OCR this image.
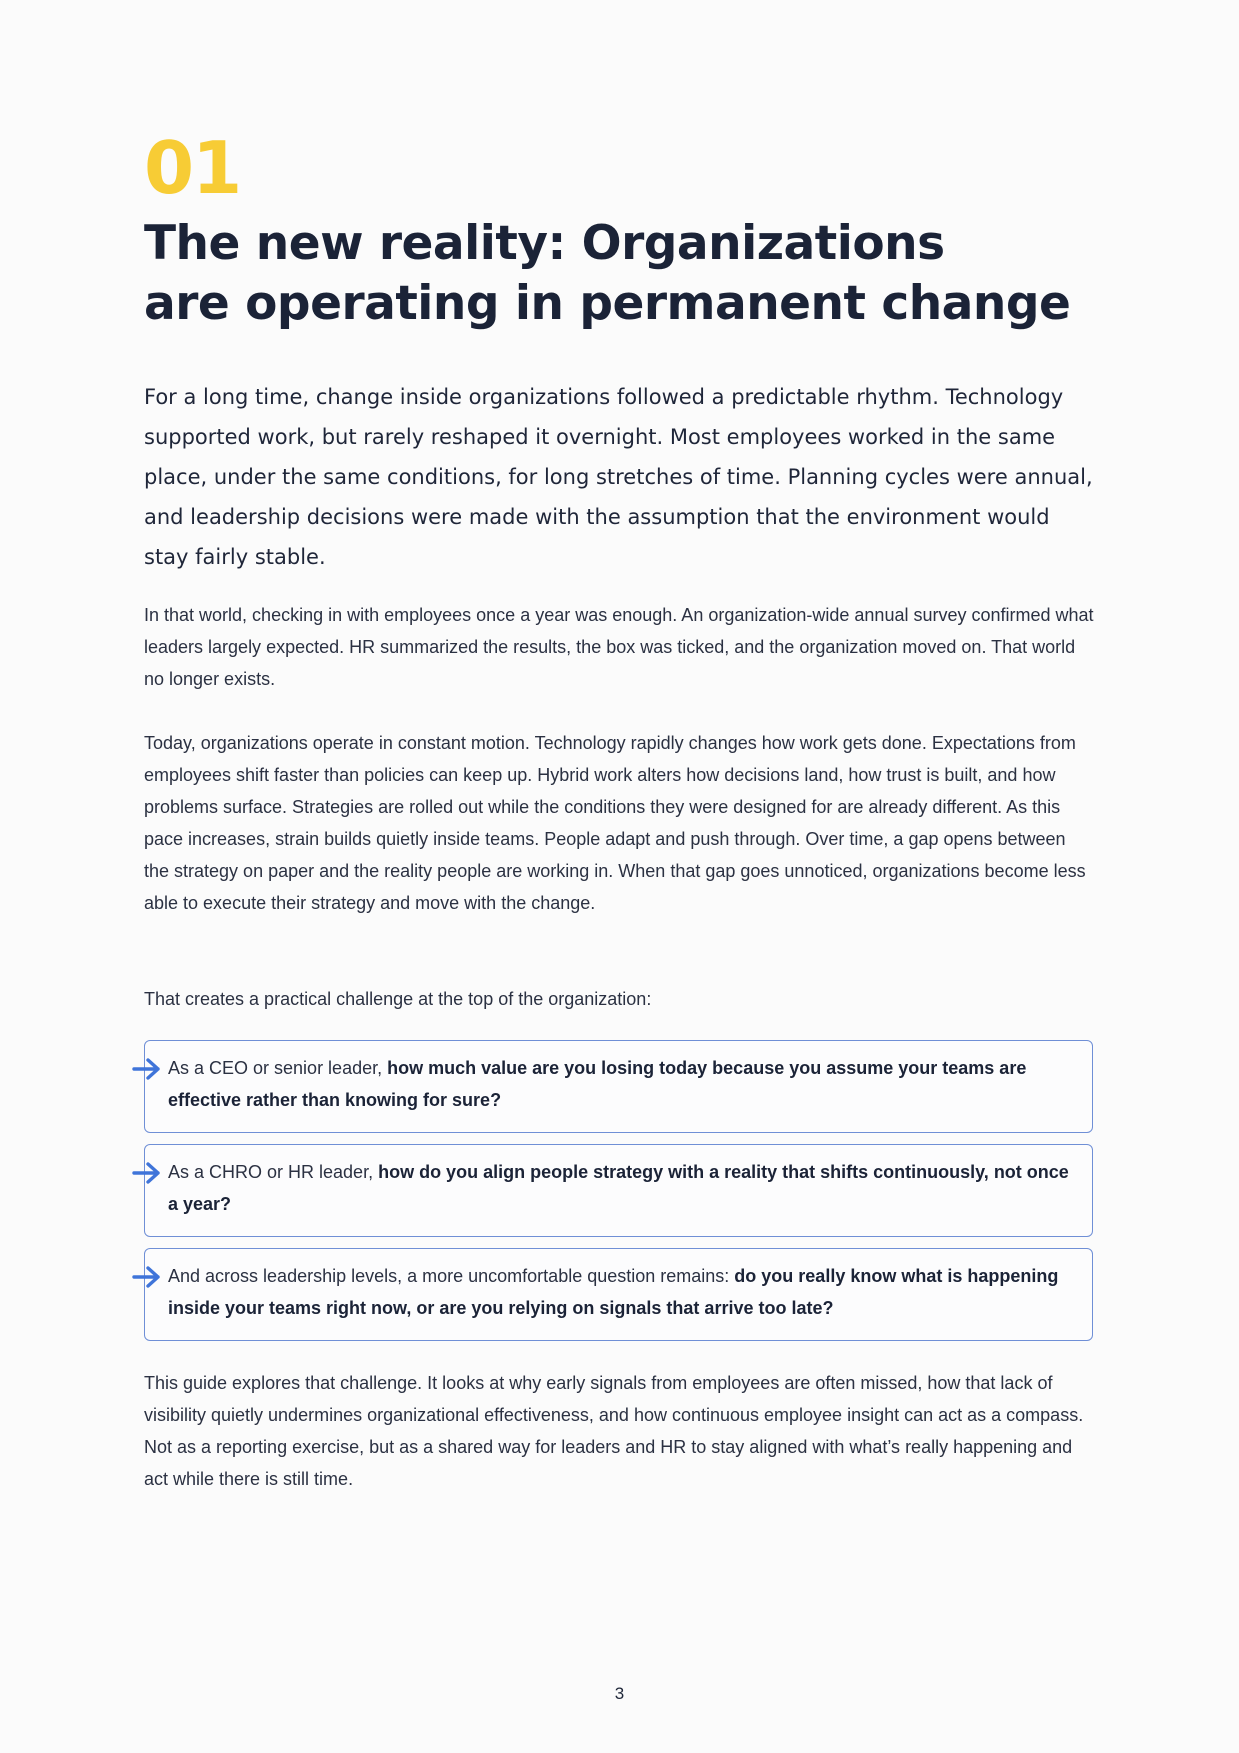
01
The new reality: Organizations
are operating in permanent change

For a long time, change inside organizations followed a predictable rhythm. Technology supported work, but rarely reshaped it overnight. Most employees worked in the same place, under the same conditions, for long stretches of time. Planning cycles were annual, and leadership decisions were made with the assumption that the environment would stay fairly stable.

In that world, checking in with employees once a year was enough. An organization-wide annual survey confirmed what leaders largely expected. HR summarized the results, the box was ticked, and the organization moved on. That world no longer exists.

Today, organizations operate in constant motion. Technology rapidly changes how work gets done. Expectations from employees shift faster than policies can keep up. Hybrid work alters how decisions land, how trust is built, and how problems surface. Strategies are rolled out while the conditions they were designed for are already different. As this pace increases, strain builds quietly inside teams. People adapt and push through. Over time, a gap opens between the strategy on paper and the reality people are working in. When that gap goes unnoticed, organizations become less able to execute their strategy and move with the change.

That creates a practical challenge at the top of the organization:

As a CEO or senior leader, how much value are you losing today because you assume your teams are effective rather than knowing for sure?
As a CHRO or HR leader, how do you align people strategy with a reality that shifts continuously, not once a year?
And across leadership levels, a more uncomfortable question remains: do you really know what is happening inside your teams right now, or are you relying on signals that arrive too late?

This guide explores that challenge. It looks at why early signals from employees are often missed, how that lack of visibility quietly undermines organizational effectiveness, and how continuous employee insight can act as a compass. Not as a reporting exercise, but as a shared way for leaders and HR to stay aligned with what’s really happening and act while there is still time.

3
